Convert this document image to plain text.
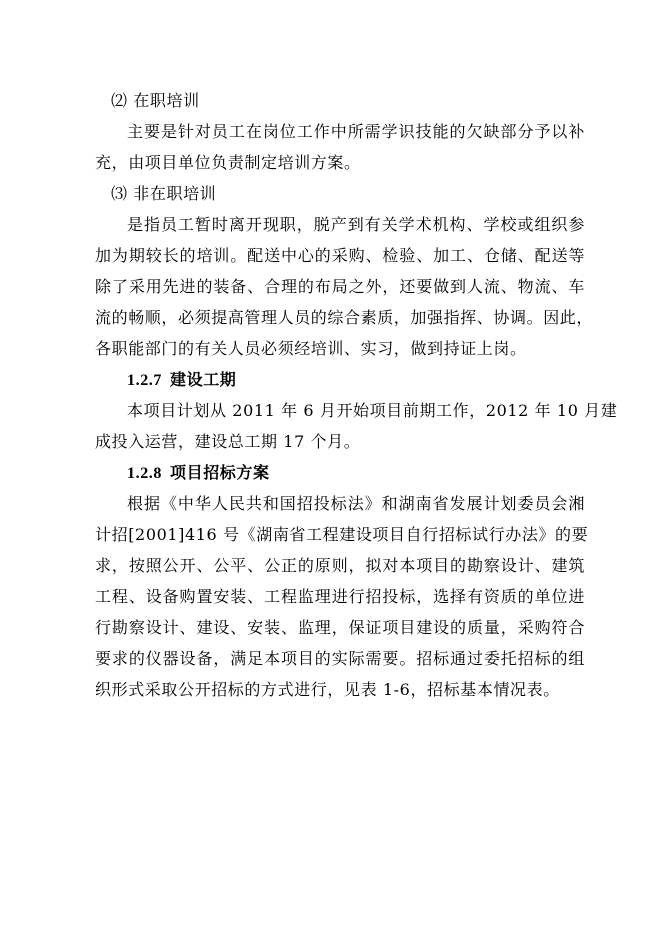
⑵ 在职培训
主要是针对员工在岗位工作中所需学识技能的欠缺部分予以补
充，由项目单位负责制定培训方案。
⑶ 非在职培训
是指员工暂时离开现职，脱产到有关学术机构、学校或组织参
加为期较长的培训。配送中心的采购、检验、加工、仓储、配送等
除了采用先进的装备、合理的布局之外，还要做到人流、物流、车
流的畅顺，必须提高管理人员的综合素质，加强指挥、协调。因此，
各职能部门的有关人员必须经培训、实习，做到持证上岗。
1.2.7 建设工期
本项目计划从 2011 年 6 月开始项目前期工作，2012 年 10 月建
成投入运营，建设总工期 17 个月。
1.2.8 项目招标方案
根据《中华人民共和国招投标法》和湖南省发展计划委员会湘
计招[2001]416 号《湖南省工程建设项目自行招标试行办法》的要
求，按照公开、公平、公正的原则，拟对本项目的勘察设计、建筑
工程、设备购置安装、工程监理进行招投标，选择有资质的单位进
行勘察设计、建设、安装、监理，保证项目建设的质量，采购符合
要求的仪器设备，满足本项目的实际需要。招标通过委托招标的组
织形式采取公开招标的方式进行，见表 1-6，招标基本情况表。
